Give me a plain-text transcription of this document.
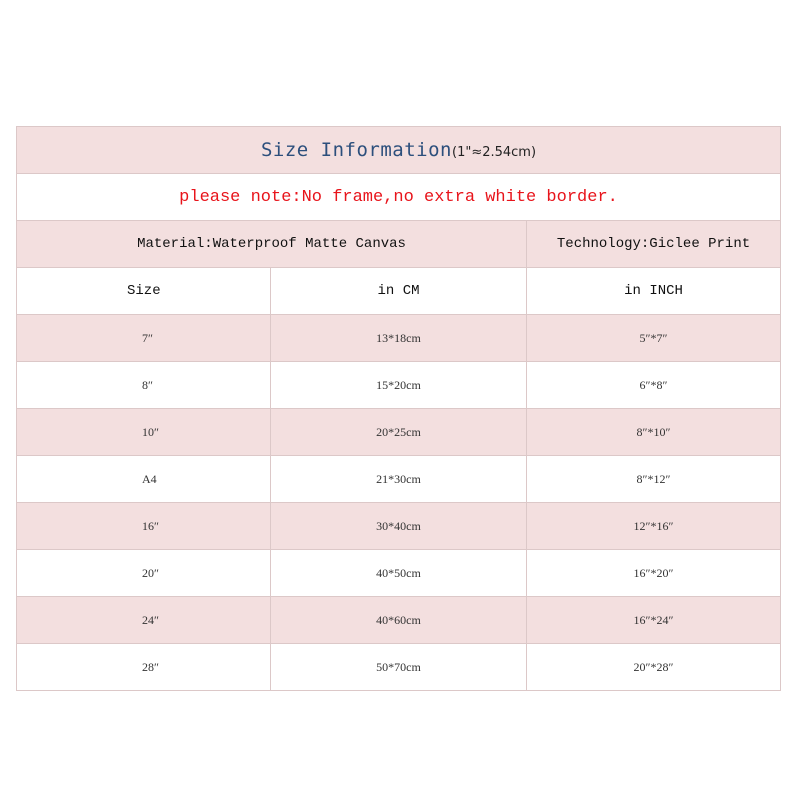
Size Information(1"≈2.54cm)		
please note:No frame,no extra white border.		
Material:Waterproof Matte Canvas		Technology:Giclee Print
Size	in CM	in INCH
7″	13*18cm	5″*7″
8″	15*20cm	6″*8″
10″	20*25cm	8″*10″
A4	21*30cm	8″*12″
16″	30*40cm	12″*16″
20″	40*50cm	16″*20″
24″	40*60cm	16″*24″
28″	50*70cm	20″*28″
